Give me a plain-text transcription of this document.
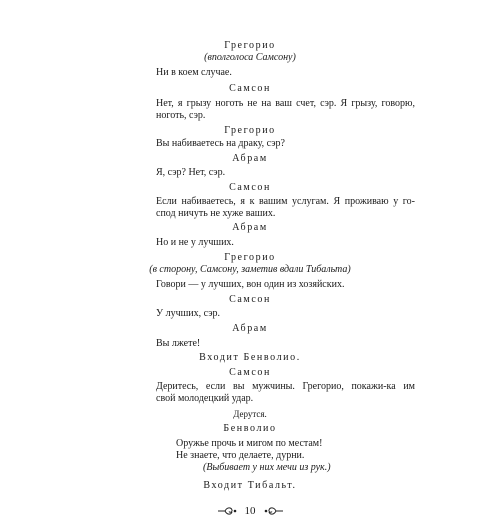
Грегорио
(вполголоса Самсону)
Ни в коем случае.
Самсон
Нет, я грызу ноготь не на ваш счет, сэр. Я грызу, говорю,
ноготь, сэр.
Грегорио
Вы набиваетесь на драку, сэр?
Абрам
Я, сэр? Нет, сэр.
Самсон
Если набиваетесь, я к вашим услугам. Я проживаю у го-
спод ничуть не хуже ваших.
Абрам
Но и не у лучших.
Грегорио
(в сторону, Самсону, заметив вдали Тибальта)
Говори — у лучших, вон один из хозяйских.
Самсон
У лучших, сэр.
Абрам
Вы лжете!
Входит Бенволио.
Самсон
Деритесь, если вы мужчины. Грегорио, покажи-ка им
свой молодецкий удар.
Дерутся.
Бенволио
Оружье прочь и мигом по местам!
Не знаете, что делаете, дурни.
(Выбивает у них мечи из рук.)
Входит Тибальт.
10
